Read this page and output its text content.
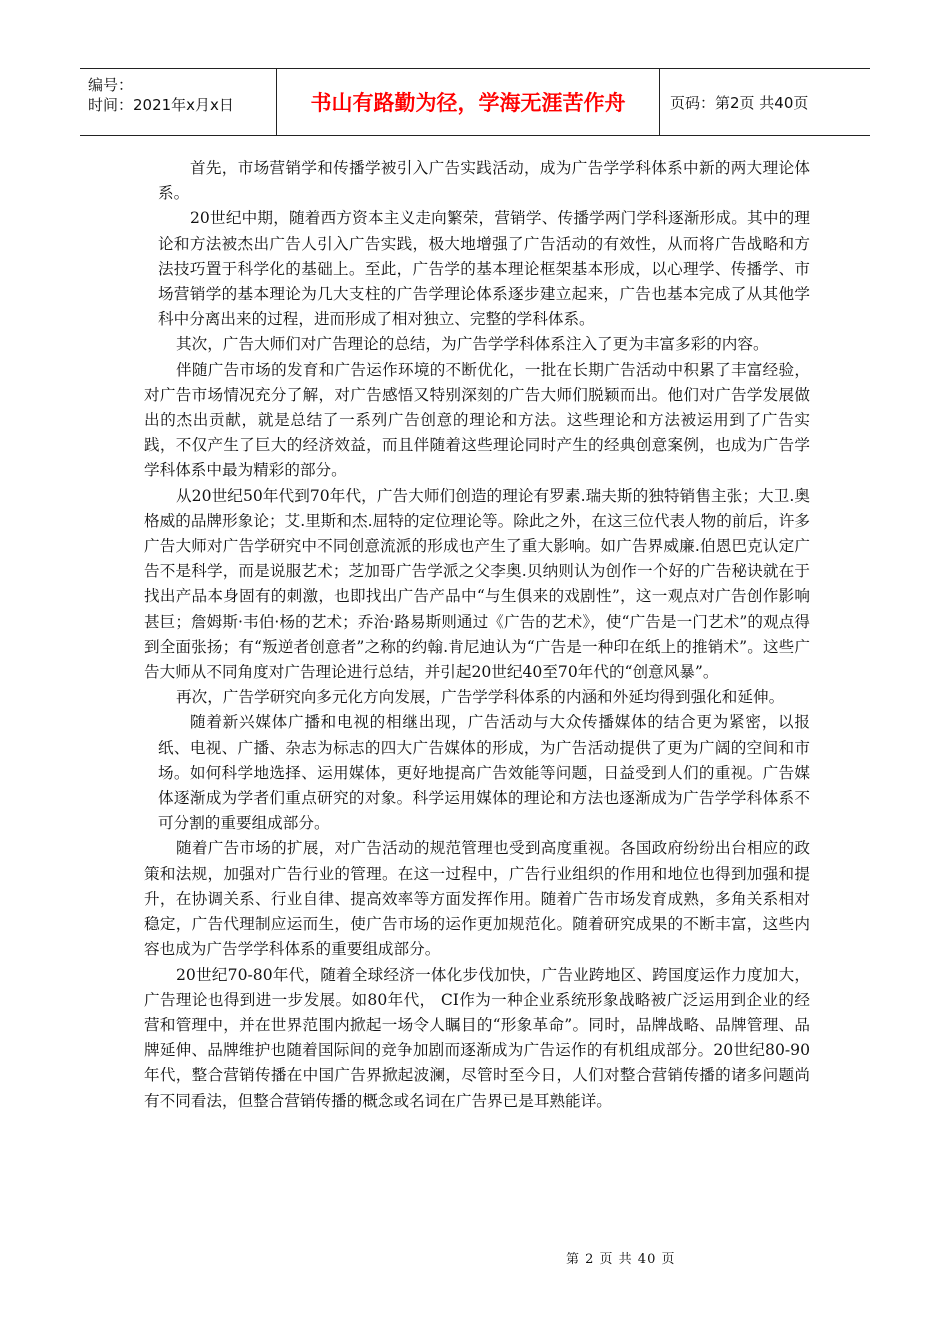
编号：
时间：2021年x月x日	书山有路勤为径，学海无涯苦作舟	页码：第2页 共40页

首先，市场营销学和传播学被引入广告实践活动，成为广告学学科体系中新的两大理论体系。

20世纪中期，随着西方资本主义走向繁荣，营销学、传播学两门学科逐渐形成。其中的理论和方法被杰出广告人引入广告实践，极大地增强了广告活动的有效性，从而将广告战略和方法技巧置于科学化的基础上。至此，广告学的基本理论框架基本形成，以心理学、传播学、市场营销学的基本理论为几大支柱的广告学理论体系逐步建立起来，广告也基本完成了从其他学科中分离出来的过程，进而形成了相对独立、完整的学科体系。

其次，广告大师们对广告理论的总结，为广告学学科体系注入了更为丰富多彩的内容。

伴随广告市场的发育和广告运作环境的不断优化，一批在长期广告活动中积累了丰富经验，对广告市场情况充分了解，对广告感悟又特别深刻的广告大师们脱颖而出。他们对广告学发展做出的杰出贡献，就是总结了一系列广告创意的理论和方法。这些理论和方法被运用到了广告实践，不仅产生了巨大的经济效益，而且伴随着这些理论同时产生的经典创意案例，也成为广告学学科体系中最为精彩的部分。

从20世纪50年代到70年代，广告大师们创造的理论有罗素.瑞夫斯的独特销售主张；大卫.奥格威的品牌形象论；艾.里斯和杰.屈特的定位理论等。除此之外，在这三位代表人物的前后，许多广告大师对广告学研究中不同创意流派的形成也产生了重大影响。如广告界威廉.伯恩巴克认定广告不是科学，而是说服艺术；芝加哥广告学派之父李奥.贝纳则认为创作一个好的广告秘诀就在于找出产品本身固有的刺激，也即找出广告产品中“与生俱来的戏剧性”，这一观点对广告创作影响甚巨；詹姆斯·韦伯·杨的艺术；乔治·路易斯则通过《广告的艺术》，使“广告是一门艺术”的观点得到全面张扬；有“叛逆者创意者”之称的约翰.肯尼迪认为“广告是一种印在纸上的推销术”。这些广告大师从不同角度对广告理论进行总结，并引起20世纪40至70年代的“创意风暴”。

再次，广告学研究向多元化方向发展，广告学学科体系的内涵和外延均得到强化和延伸。

随着新兴媒体广播和电视的相继出现，广告活动与大众传播媒体的结合更为紧密，以报纸、电视、广播、杂志为标志的四大广告媒体的形成，为广告活动提供了更为广阔的空间和市场。如何科学地选择、运用媒体，更好地提高广告效能等问题，日益受到人们的重视。广告媒体逐渐成为学者们重点研究的对象。科学运用媒体的理论和方法也逐渐成为广告学学科体系不可分割的重要组成部分。

随着广告市场的扩展，对广告活动的规范管理也受到高度重视。各国政府纷纷出台相应的政策和法规，加强对广告行业的管理。在这一过程中，广告行业组织的作用和地位也得到加强和提升，在协调关系、行业自律、提高效率等方面发挥作用。随着广告市场发育成熟，多角关系相对稳定，广告代理制应运而生，使广告市场的运作更加规范化。随着研究成果的不断丰富，这些内容也成为广告学学科体系的重要组成部分。

20世纪70-80年代，随着全球经济一体化步伐加快，广告业跨地区、跨国度运作力度加大，广告理论也得到进一步发展。如80年代， CI作为一种企业系统形象战略被广泛运用到企业的经营和管理中，并在世界范围内掀起一场令人瞩目的“形象革命”。同时，品牌战略、品牌管理、品牌延伸、品牌维护也随着国际间的竞争加剧而逐渐成为广告运作的有机组成部分。20世纪80-90年代，整合营销传播在中国广告界掀起波澜，尽管时至今日，人们对整合营销传播的诸多问题尚有不同看法，但整合营销传播的概念或名词在广告界已是耳熟能详。

第 2 页 共 40 页
